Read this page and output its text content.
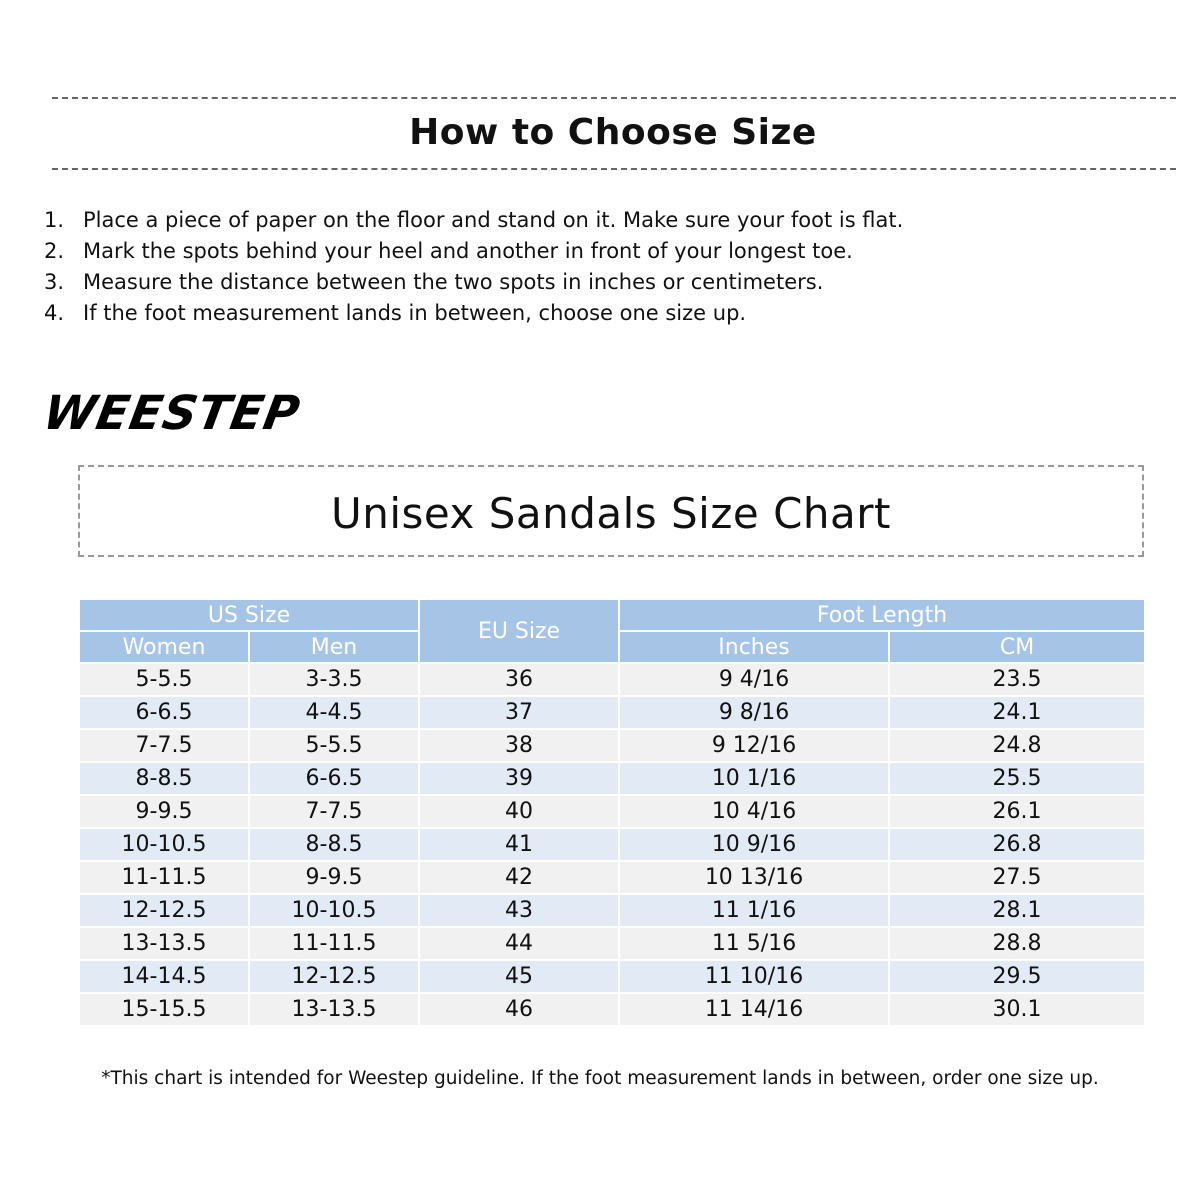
How to Choose Size
1. Place a piece of paper on the floor and stand on it. Make sure your foot is flat.
2. Mark the spots behind your heel and another in front of your longest toe.
3. Measure the distance between the two spots in inches or centimeters.
4. If the foot measurement lands in between, choose one size up.
WEESTEP
Unisex Sandals Size Chart
US Size		EU Size	Foot Length	
Women	Men		Inches	CM
5-5.5	3-3.5	36	9 4/16	23.5
6-6.5	4-4.5	37	9 8/16	24.1
7-7.5	5-5.5	38	9 12/16	24.8
8-8.5	6-6.5	39	10 1/16	25.5
9-9.5	7-7.5	40	10 4/16	26.1
10-10.5	8-8.5	41	10 9/16	26.8
11-11.5	9-9.5	42	10 13/16	27.5
12-12.5	10-10.5	43	11 1/16	28.1
13-13.5	11-11.5	44	11 5/16	28.8
14-14.5	12-12.5	45	11 10/16	29.5
15-15.5	13-13.5	46	11 14/16	30.1
*This chart is intended for Weestep guideline. If the foot measurement lands in between, order one size up.
